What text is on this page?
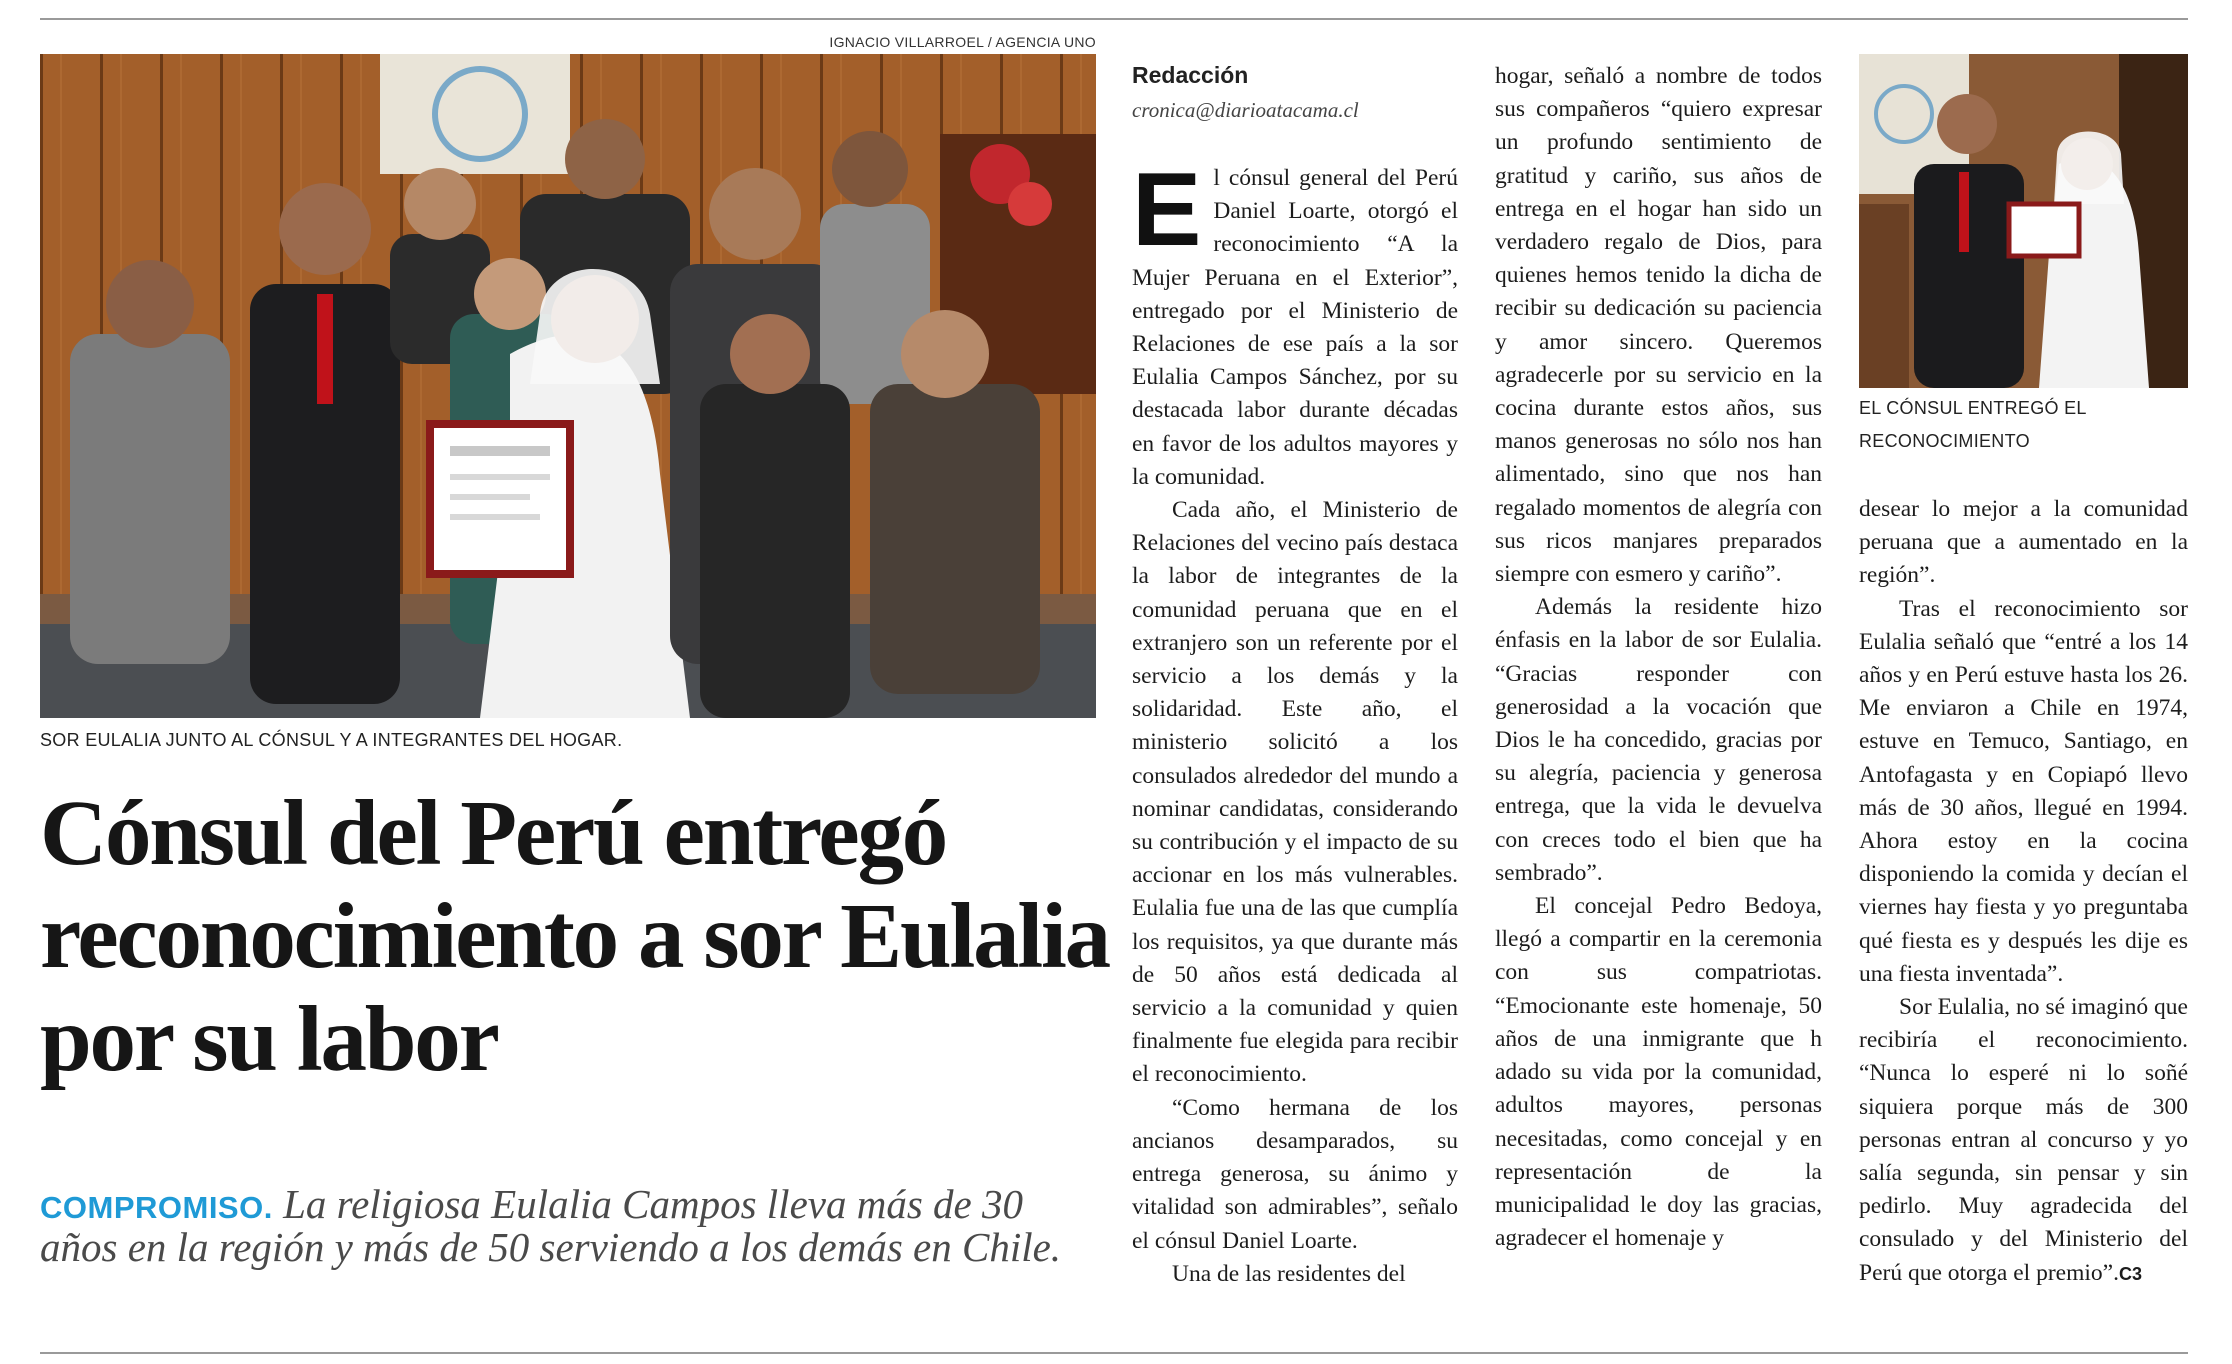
IGNACIO VILLARROEL / AGENCIA UNO
SOR EULALIA JUNTO AL CÓNSUL Y A INTEGRANTES DEL HOGAR.
Cónsul del Perú entregó reconocimiento a sor Eulalia por su labor

COMPROMISO. La religiosa Eulalia Campos lleva más de 30 años en la región y más de 50 serviendo a los demás en Chile.

Redacción
cronica@diarioatacama.cl

El cónsul general del Perú Daniel Loarte, otorgó el reconocimiento “A la Mujer Peruana en el Exterior”, entregado por el Ministerio de Relaciones de ese país a la sor Eulalia Campos Sánchez, por su destacada labor durante décadas en favor de los adultos mayores y la comunidad.

Cada año, el Ministerio de Relaciones del vecino país destaca la labor de integrantes de la comunidad peruana que en el extranjero son un referente por el servicio a los demás y la solidaridad. Este año, el ministerio solicitó a los consulados alrededor del mundo a nominar candidatas, considerando su contribución y el impacto de su accionar en los más vulnerables. Eulalia fue una de las que cumplía los requisitos, ya que durante más de 50 años está dedicada al servicio a la comunidad y quien finalmente fue elegida para recibir el reconocimiento.

“Como hermana de los ancianos desamparados, su entrega generosa, su ánimo y vitalidad son admirables”, señalo el cónsul Daniel Loarte.

Una de las residentes del

hogar, señaló a nombre de todos sus compañeros “quiero expresar un profundo sentimiento de gratitud y cariño, sus años de entrega en el hogar han sido un verdadero regalo de Dios, para quienes hemos tenido la dicha de recibir su dedicación su paciencia y amor sincero. Queremos agradecerle por su servicio en la cocina durante estos años, sus manos generosas no sólo nos han alimentado, sino que nos han regalado momentos de alegría con sus ricos manjares preparados siempre con esmero y cariño”.

Además la residente hizo énfasis en la labor de sor Eulalia. “Gracias responder con generosidad a la vocación que Dios le ha concedido, gracias por su alegría, paciencia y generosa entrega, que la vida le devuelva con creces todo el bien que ha sembrado”.

El concejal Pedro Bedoya, llegó a compartir en la ceremonia con sus compatriotas. “Emocionante este homenaje, 50 años de una inmigrante que h adado su vida por la comunidad, adultos mayores, personas necesitadas, como concejal y en representación de la municipalidad le doy las gracias, agradecer el homenaje y

EL CÓNSUL ENTREGÓ EL RECONOCIMIENTO

desear lo mejor a la comunidad peruana que a aumentado en la región”.

Tras el reconocimiento sor Eulalia señaló que “entré a los 14 años y en Perú estuve hasta los 26. Me enviaron a Chile en 1974, estuve en Temuco, Santiago, en Antofagasta y en Copiapó llevo más de 30 años, llegué en 1994. Ahora estoy en la cocina disponiendo la comida y decían el viernes hay fiesta y yo preguntaba qué fiesta es y después les dije es una fiesta inventada”.

Sor Eulalia, no sé imaginó que recibiría el reconocimiento. “Nunca lo esperé ni lo soñé siquiera porque más de 300 personas entran al concurso y yo salía segunda, sin pensar y sin pedirlo. Muy agradecida del consulado y del Ministerio del Perú que otorga el premio”.C3
